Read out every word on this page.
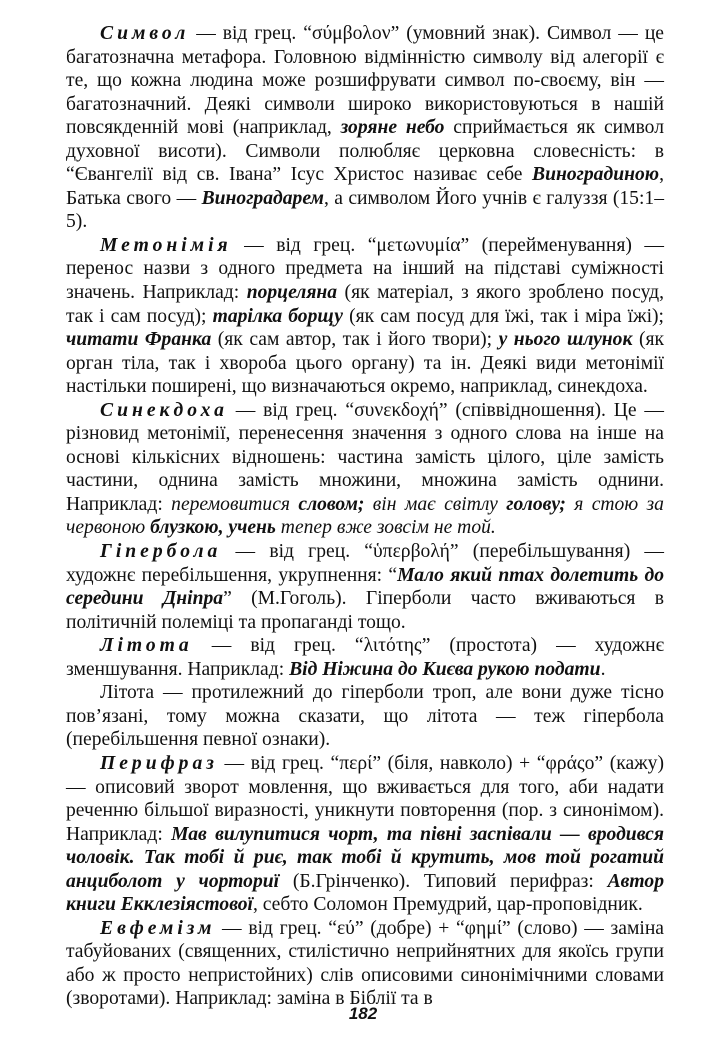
Символ — від грец. “σύμβολον” (умовний знак). Символ — це багатозначна метафора. Головною відмінністю символу від алегорії є те, що кожна людина може розшифрувати символ по-своєму, він — багатозначний. Деякі символи широко використовуються в нашій повсякденній мові (наприклад, зоряне небо сприймається як символ духовної висоти). Символи полюбляє церковна словесність: в “Євангелії від св. Івана” Ісус Христос називає себе Виноградиною, Батька свого — Виноградарем, а символом Його учнів є галуззя (15:1–5).

Метонімія — від грец. “μετωνυμία” (перейменування) — перенос назви з одного предмета на інший на підставі суміжності значень. Наприклад: порцеляна (як матеріал, з якого зроблено посуд, так і сам посуд); тарілка борщу (як сам посуд для їжі, так і міра їжі); читати Франка (як сам автор, так і його твори); у нього шлунок (як орган тіла, так і хвороба цього органу) та ін. Деякі види метонімії настільки поширені, що визначаються окремо, наприклад, синекдоха.

Синекдоха — від грец. “συνεκδοχή” (співвідношення). Це — різновид метонімії, перенесення значення з одного слова на інше на основі кількісних відношень: частина замість цілого, ціле замість частини, однина замість множини, множина замість однини. Наприклад: перемовитися словом; він має світлу голову; я стою за червоною блузкою, учень тепер вже зовсім не той.

Гіпербола — від грец. “ὑπερβολή” (перебільшування) — художнє перебільшення, укрупнення: “Мало який птах долетить до середини Дніпра” (М.Гоголь). Гіперболи часто вживаються в політичній полеміці та пропаганді тощо.

Літота — від грец. “λιτότης” (простота) — художнє зменшування. Наприклад: Від Ніжина до Києва рукою подати.

Літота — протилежний до гіперболи троп, але вони дуже тісно пов’язані, тому можна сказати, що літота — теж гіпербола (перебільшення певної ознаки).

Перифраз — від грец. “περί” (біля, навколо) + “φράςο” (кажу) — описовий зворот мовлення, що вживається для того, аби надати реченню більшої виразності, уникнути повторення (пор. з синонімом). Наприклад: Мав вилупитися чорт, та півні заспівали — вродився чоловік. Так тобі й риє, так тобі й крутить, мов той рогатий анциболот у чорториї (Б.Грінченко). Типовий перифраз: Автор книги Екклезіястової, себто Соломон Премудрий, цар-проповідник.

Евфемізм — від грец. “εύ” (добре) + “φημί” (слово) — заміна табуйованих (священних, стилістично неприйнятних для якоїсь групи або ж просто непристойних) слів описовими синонімічними словами (зворотами). Наприклад: заміна в Біблії та в

182
